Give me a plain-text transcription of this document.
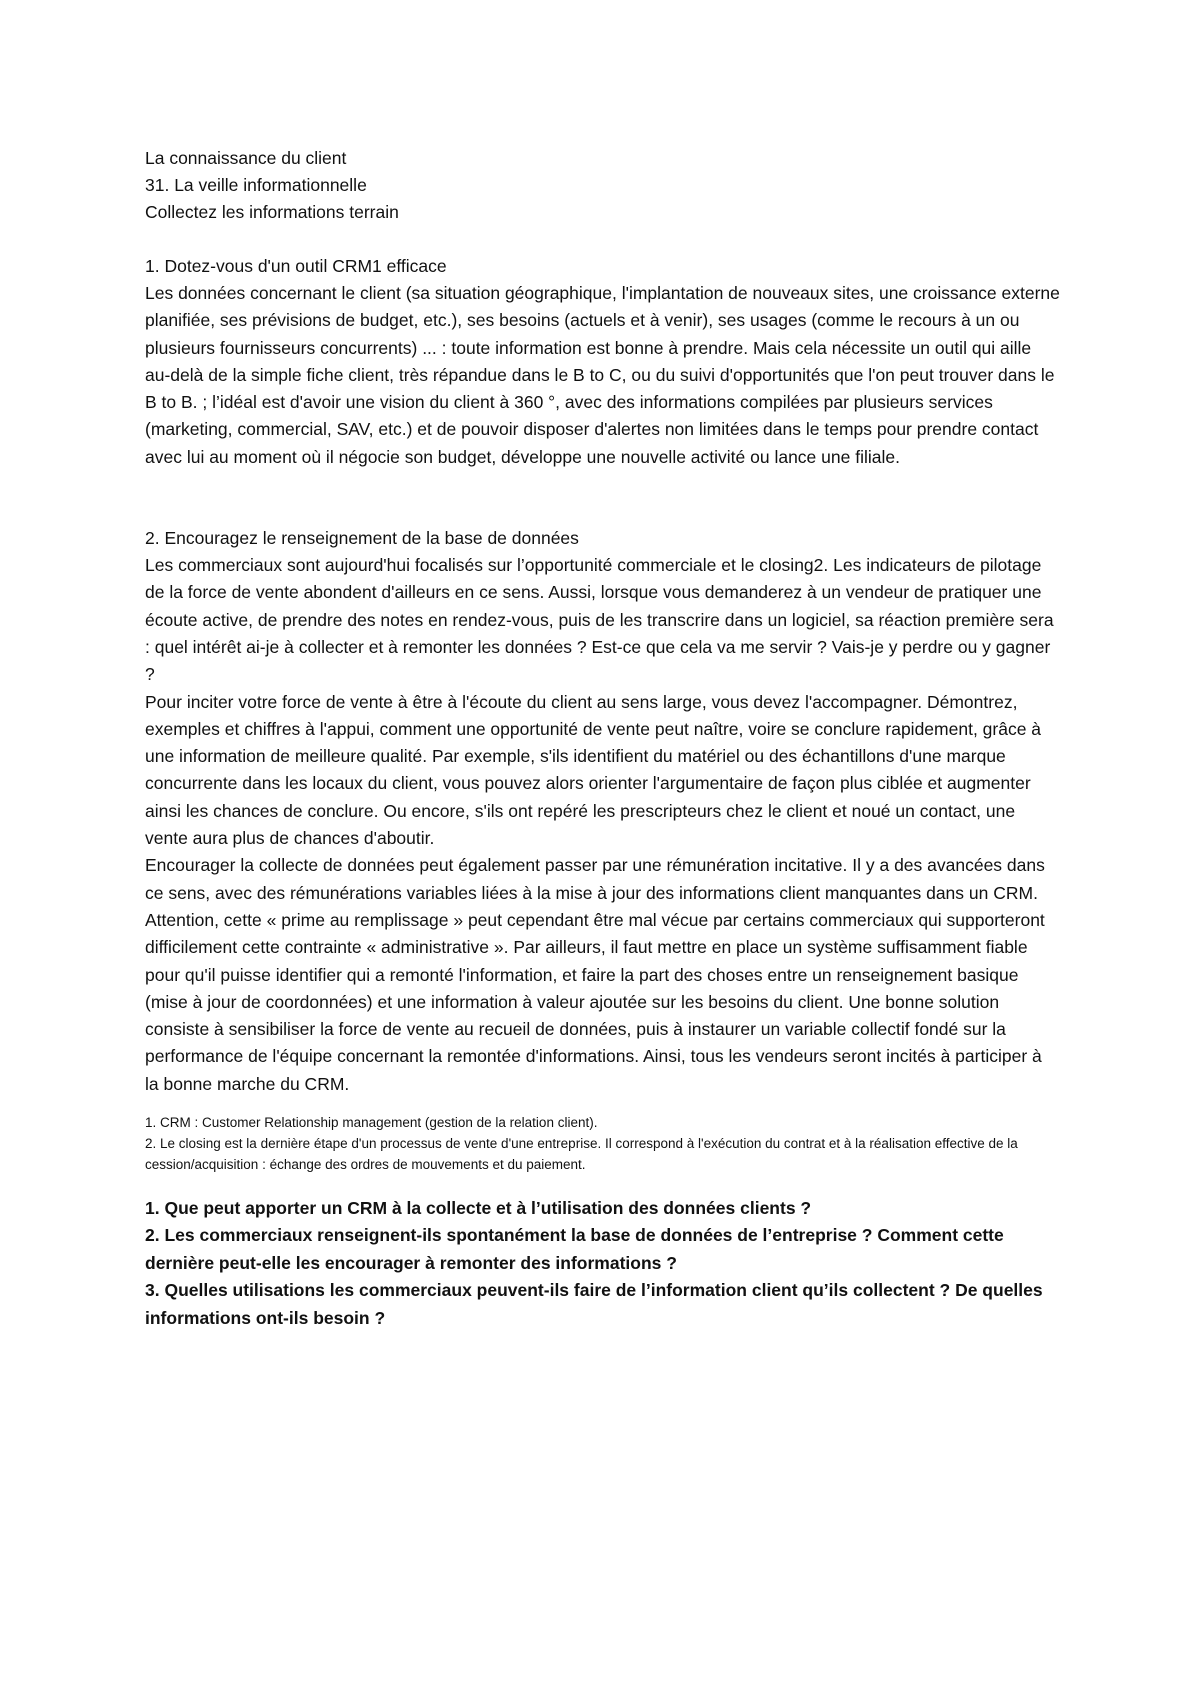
La connaissance du client

31. La veille informationnelle

Collectez les informations terrain

1. Dotez-vous d'un outil CRM1 efficace

Les données concernant le client (sa situation géographique, l'implantation de nouveaux sites, une croissance externe planifiée, ses prévisions de budget, etc.), ses besoins (actuels et à venir), ses usages (comme le recours à un ou plusieurs fournisseurs concurrents) ... : toute information est bonne à prendre. Mais cela nécessite un outil qui aille au-delà de la simple fiche client, très répandue dans le B to C, ou du suivi d'opportunités que l'on peut trouver dans le B to B. ; l’idéal est d'avoir une vision du client à 360 °, avec des informations compilées par plusieurs services (marketing, commercial, SAV, etc.) et de pouvoir disposer d'alertes non limitées dans le temps pour prendre contact avec lui au moment où il négocie son budget, développe une nouvelle activité ou lance une filiale.

2. Encouragez le renseignement de la base de données

Les commerciaux sont aujourd'hui focalisés sur l’opportunité commerciale et le closing2. Les indicateurs de pilotage de la force de vente abondent d'ailleurs en ce sens. Aussi, lorsque vous demanderez à un vendeur de pratiquer une écoute active, de prendre des notes en rendez-vous, puis de les transcrire dans un logiciel, sa réaction première sera : quel intérêt ai-je à collecter et à remonter les données ? Est-ce que cela va me servir ? Vais-je y perdre ou y gagner ?

Pour inciter votre force de vente à être à l'écoute du client au sens large, vous devez l'accompagner. Démontrez, exemples et chiffres à l'appui, comment une opportunité de vente peut naître, voire se conclure rapidement, grâce à une information de meilleure qualité. Par exemple, s'ils identifient du matériel ou des échantillons d'une marque concurrente dans les locaux du client, vous pouvez alors orienter l'argumentaire de façon plus ciblée et augmenter ainsi les chances de conclure. Ou encore, s'ils ont repéré les prescripteurs chez le client et noué un contact, une vente aura plus de chances d'aboutir.

Encourager la collecte de données peut également passer par une rémunération incitative. Il y a des avancées dans ce sens, avec des rémunérations variables liées à la mise à jour des informations client manquantes dans un CRM.

Attention, cette « prime au remplissage » peut cependant être mal vécue par certains commerciaux qui supporteront difficilement cette contrainte « administrative ». Par ailleurs, il faut mettre en place un système suffisamment fiable pour qu'il puisse identifier qui a remonté l'information, et faire la part des choses entre un renseignement basique (mise à jour de coordonnées) et une information à valeur ajoutée sur les besoins du client. Une bonne solution consiste à sensibiliser la force de vente au recueil de données, puis à instaurer un variable collectif fondé sur la performance de l'équipe concernant la remontée d'informations. Ainsi, tous les vendeurs seront incités à participer à la bonne marche du CRM.

1. CRM : Customer Relationship management (gestion de la relation client).

2. Le closing est la dernière étape d'un processus de vente d'une entreprise. Il correspond à l'exécution du contrat et à la réalisation effective de la cession/acquisition : échange des ordres de mouvements et du paiement.

1. Que peut apporter un CRM à la collecte et à l’utilisation des données clients ?

2. Les commerciaux renseignent-ils spontanément la base de données de l’entreprise ? Comment cette dernière peut-elle les encourager à remonter des informations ?

3. Quelles utilisations les commerciaux peuvent-ils faire de l’information client qu’ils collectent ? De quelles informations ont-ils besoin ?
